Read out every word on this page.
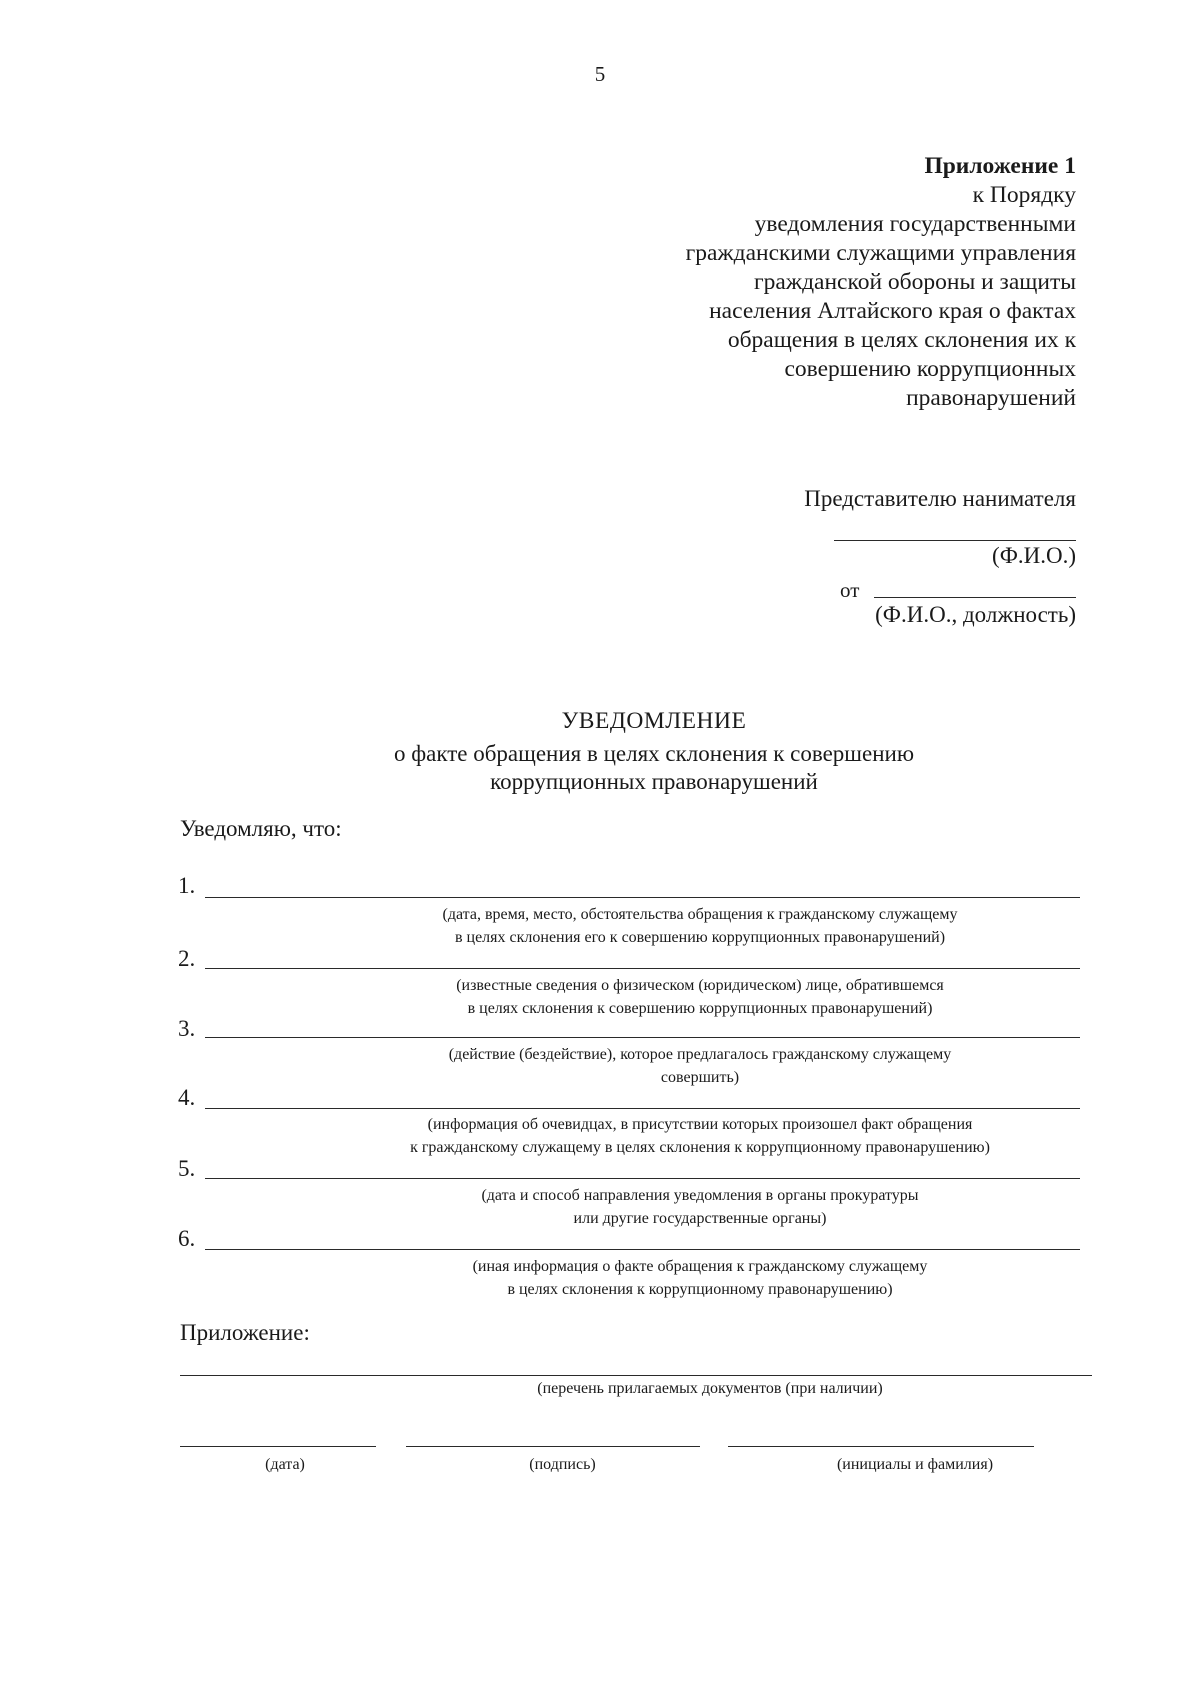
5
Приложение 1
к Порядку
уведомления государственными
гражданскими служащими управления
гражданской обороны и защиты
населения Алтайского края о фактах
обращения в целях склонения их к
совершению коррупционных
правонарушений
Представителю нанимателя
(Ф.И.О.)
от
(Ф.И.О., должность)
УВЕДОМЛЕНИЕ
о факте обращения в целях склонения к совершению
коррупционных правонарушений
Уведомляю, что:
1.
(дата, время, место, обстоятельства обращения к гражданскому служащему
в целях склонения его к совершению коррупционных правонарушений)
2.
(известные сведения о физическом (юридическом) лице, обратившемся
в целях склонения к совершению коррупционных правонарушений)
3.
(действие (бездействие), которое предлагалось гражданскому служащему
совершить)
4.
(информация об очевидцах, в присутствии которых произошел факт обращения
к гражданскому служащему в целях склонения к коррупционному правонарушению)
5.
(дата и способ направления уведомления в органы прокуратуры
или другие государственные органы)
6.
(иная информация о факте обращения к гражданскому служащему
в целях склонения к коррупционному правонарушению)
Приложение:
(перечень прилагаемых документов (при наличии)
(дата)	(подпись)	(инициалы и фамилия)
